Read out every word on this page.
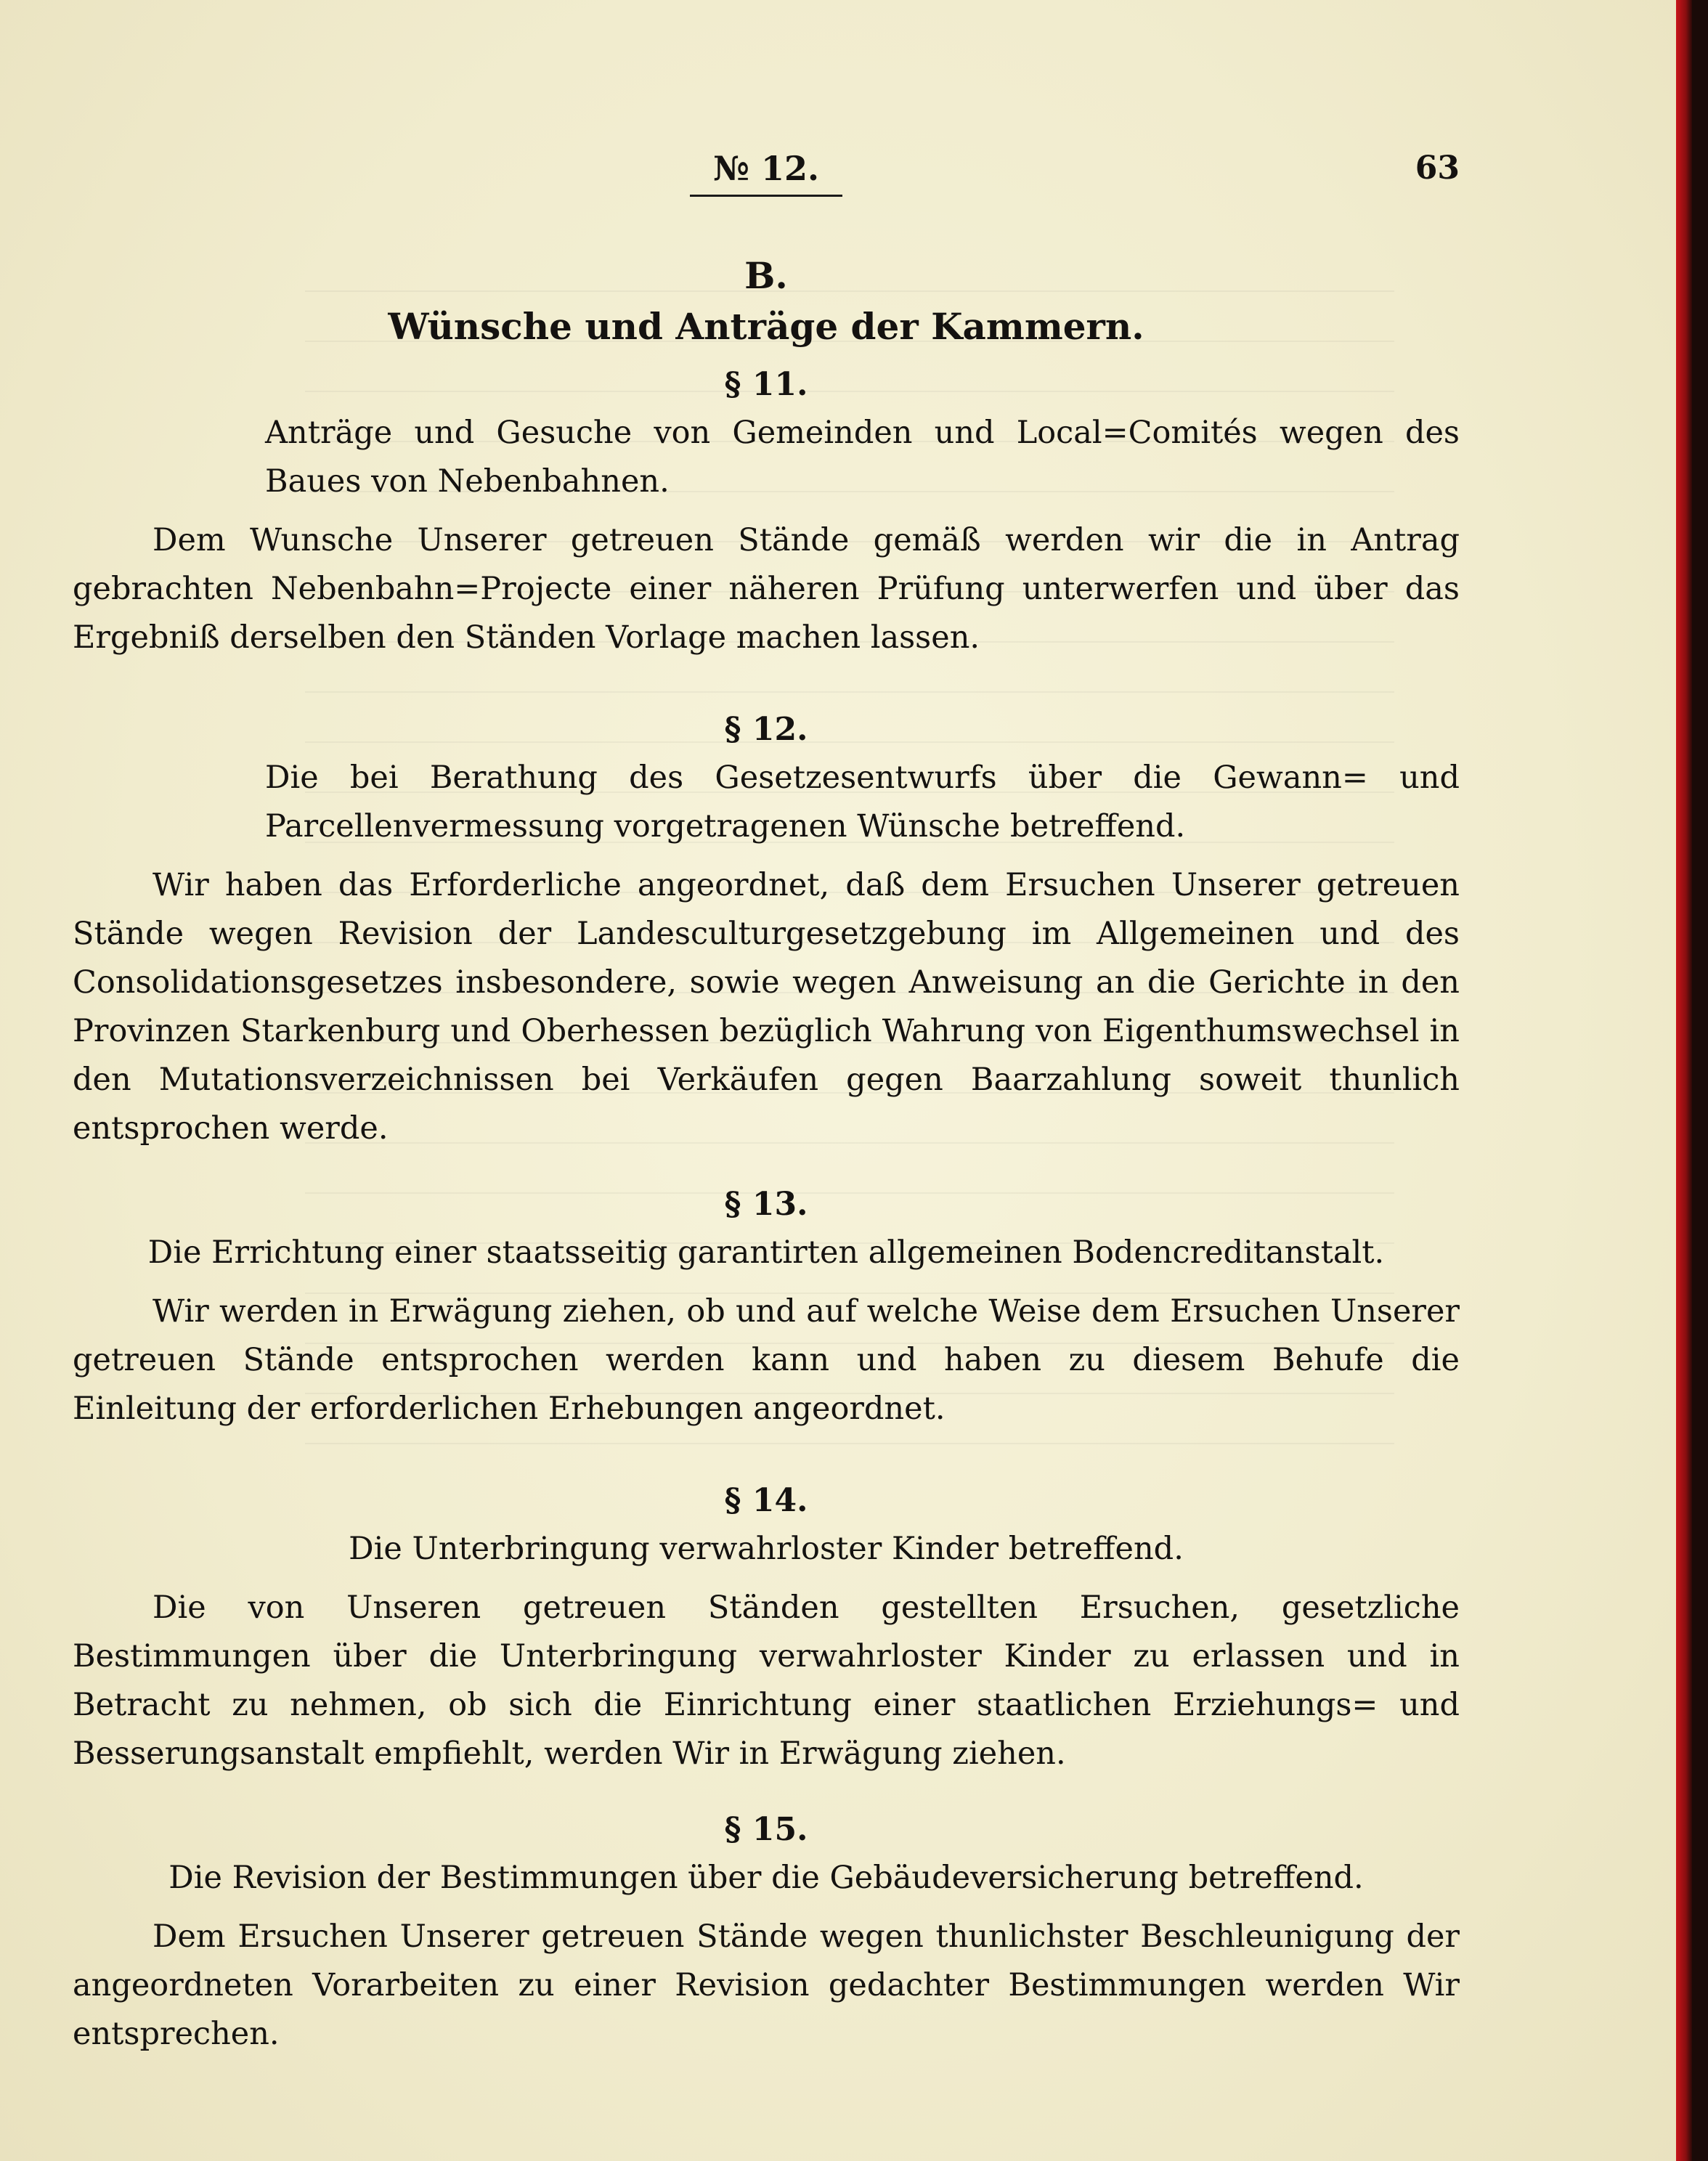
№ 12.	63

B.

Wünsche und Anträge der Kammern.

§ 11.

Anträge und Gesuche von Gemeinden und Local=Comités wegen des Baues von Nebenbahnen.

Dem Wunsche Unserer getreuen Stände gemäß werden wir die in Antrag gebrachten Nebenbahn=Projecte einer näheren Prüfung unterwerfen und über das Ergebniß derselben den Ständen Vorlage machen lassen.

§ 12.

Die bei Berathung des Gesetzesentwurfs über die Gewann= und Parcellenvermessung vorgetragenen Wünsche betreffend.

Wir haben das Erforderliche angeordnet, daß dem Ersuchen Unserer getreuen Stände wegen Revision der Landesculturgesetzgebung im Allgemeinen und des Consolidationsgesetzes insbesondere, sowie wegen Anweisung an die Gerichte in den Provinzen Starkenburg und Oberhessen bezüglich Wahrung von Eigenthumswechsel in den Mutationsverzeichnissen bei Verkäufen gegen Baarzahlung soweit thunlich entsprochen werde.

§ 13.

Die Errichtung einer staatsseitig garantirten allgemeinen Bodencreditanstalt.

Wir werden in Erwägung ziehen, ob und auf welche Weise dem Ersuchen Unserer getreuen Stände entsprochen werden kann und haben zu diesem Behufe die Einleitung der erforderlichen Erhebungen angeordnet.

§ 14.

Die Unterbringung verwahrloster Kinder betreffend.

Die von Unseren getreuen Ständen gestellten Ersuchen, gesetzliche Bestimmungen über die Unterbringung verwahrloster Kinder zu erlassen und in Betracht zu nehmen, ob sich die Einrichtung einer staatlichen Erziehungs= und Besserungsanstalt empfiehlt, werden Wir in Erwägung ziehen.

§ 15.

Die Revision der Bestimmungen über die Gebäudeversicherung betreffend.

Dem Ersuchen Unserer getreuen Stände wegen thunlichster Beschleunigung der angeordneten Vorarbeiten zu einer Revision gedachter Bestimmungen werden Wir entsprechen.
